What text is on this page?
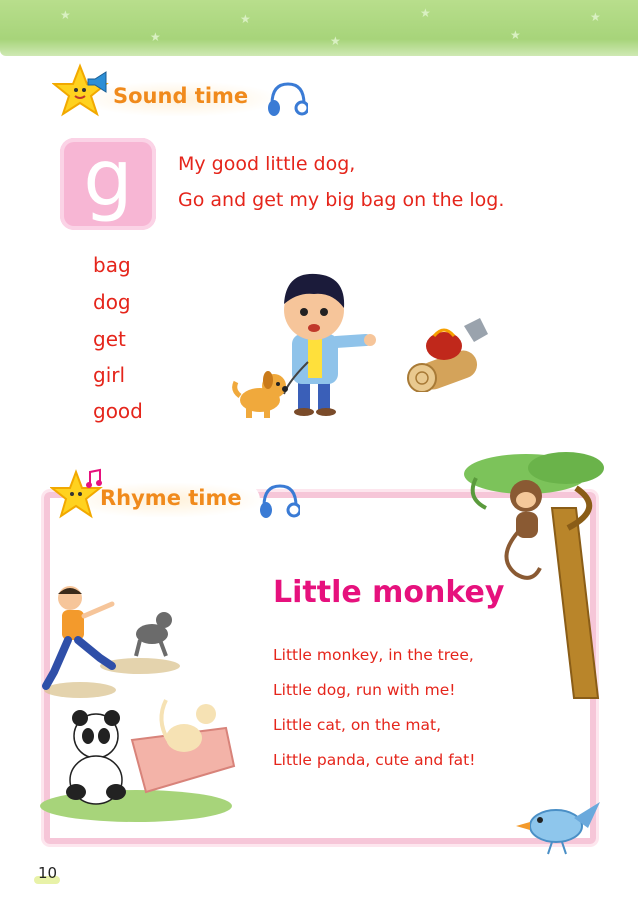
★
★
★
★
★
★
★
Sound time
g	My good little dog,
Go and get my big bag on the log.
bag
dog
get
girl
good
Rhyme time
Little monkey
Little monkey, in the tree,
Little dog, run with me!
Little cat, on the mat,
Little panda, cute and fat!
10
